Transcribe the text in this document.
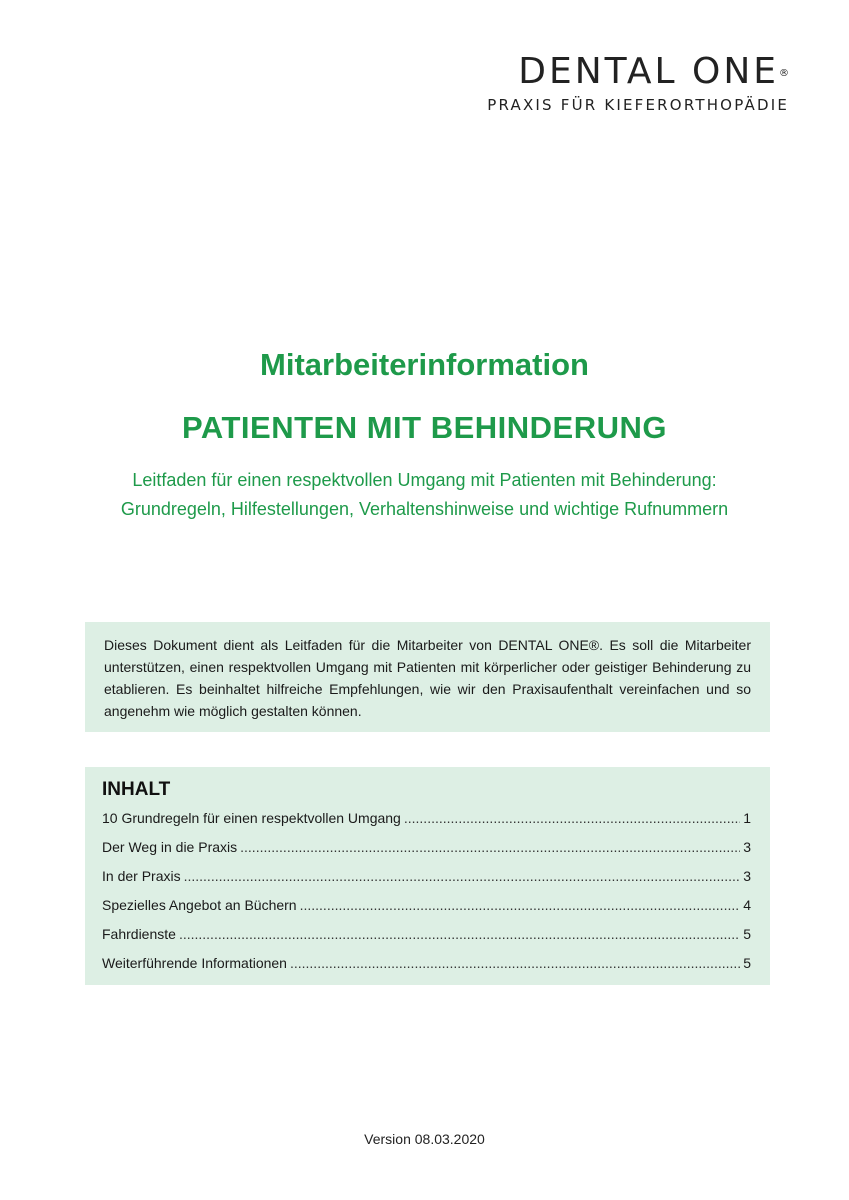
DENTAL ONE®
PRAXIS FÜR KIEFERORTHOPÄDIE
Mitarbeiterinformation
PATIENTEN MIT BEHINDERUNG
Leitfaden für einen respektvollen Umgang mit Patienten mit Behinderung:
Grundregeln, Hilfestellungen, Verhaltenshinweise und wichtige Rufnummern
Dieses Dokument dient als Leitfaden für die Mitarbeiter von DENTAL ONE®. Es soll die Mitarbeiter unterstützen, einen respektvollen Umgang mit Patienten mit körperlicher oder geistiger Behinderung zu etablieren. Es beinhaltet hilfreiche Empfehlungen, wie wir den Praxisaufenthalt vereinfachen und so angenehm wie möglich gestalten können.
INHALT
10 Grundregeln für einen respektvollen Umgang .....	1
Der Weg in die Praxis .....	3
In der Praxis .....	3
Spezielles Angebot an Büchern .....	4
Fahrdienste .....	5
Weiterführende Informationen .....	5
Version 08.03.2020
